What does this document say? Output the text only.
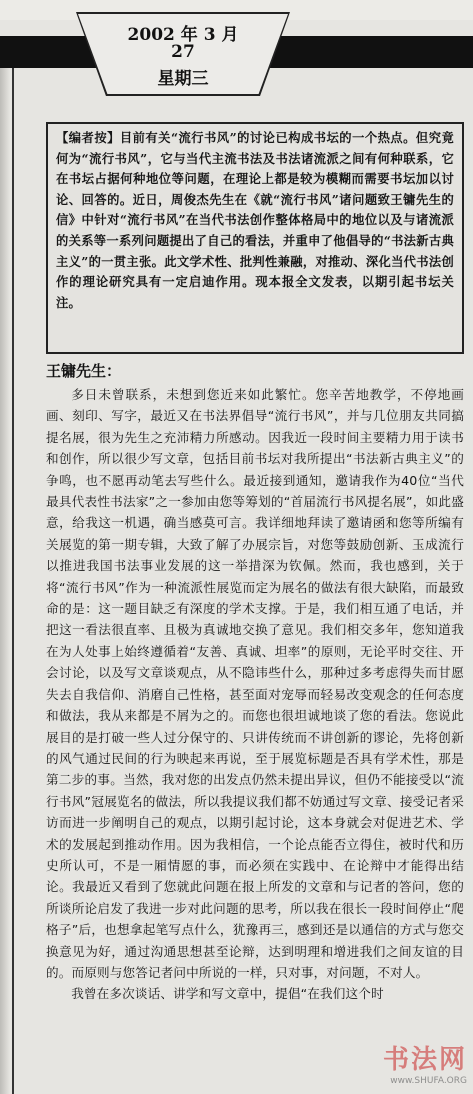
2002 年 3 月
27
星期三
【编者按】目前有关“流行书风”的讨论已构成书坛的一个热点。但究竟何为“流行书风”，它与当代主流书法及书法诸流派之间有何种联系，它在书坛占据何种地位等问题，在理论上都是较为模糊而需要书坛加以讨论、回答的。近日，周俊杰先生在《就“流行书风”诸问题致王镛先生的信》中针对“流行书风”在当代书法创作整体格局中的地位以及与诸流派的关系等一系列问题提出了自己的看法，并重申了他倡导的“书法新古典主义”的一贯主张。此文学术性、批判性兼融，对推动、深化当代书法创作的理论研究具有一定启迪作用。现本报全文发表，以期引起书坛关注。
王镛先生：

多日未曾联系，未想到您近来如此繁忙。您辛苦地教学，不停地画画、刻印、写字，最近又在书法界倡导“流行书风”，并与几位朋友共同搞提名展，很为先生之充沛精力所感动。因我近一段时间主要精力用于读书和创作，所以很少写文章，包括目前书坛对我所提出“书法新古典主义”的争鸣，也不愿再动笔去写些什么。最近接到通知，邀请我作为40位“当代最具代表性书法家”之一参加由您等筹划的“首届流行书风提名展”，如此盛意，给我这一机遇，确当感莫可言。我详细地拜读了邀请函和您等所编有关展览的第一期专辑，大致了解了办展宗旨，对您等鼓励创新、玉成流行以推进我国书法事业发展的这一举措深为钦佩。然而，我也感到，关于将“流行书风”作为一种流派性展览而定为展名的做法有很大缺陷，而最致命的是：这一题目缺乏有深度的学术支撑。于是，我们相互通了电话，并把这一看法很直率、且极为真诚地交换了意见。我们相交多年，您知道我在为人处事上始终遵循着“友善、真诚、坦率”的原则，无论平时交往、开会讨论，以及写文章谈观点，从不隐讳些什么，那种过多考虑得失而甘愿失去自我信仰、消磨自己性格，甚至面对宠辱而轻易改变观念的任何态度和做法，我从来都是不屑为之的。而您也很坦诚地谈了您的看法。您说此展目的是打破一些人过分保守的、只讲传统而不讲创新的谬论，先将创新的风气通过民间的行为映起来再说，至于展览标题是否具有学术性，那是第二步的事。当然，我对您的出发点仍然未提出异议，但仍不能接受以“流行书风”冠展览名的做法，所以我提议我们都不妨通过写文章、接受记者采访而进一步阐明自己的观点，以期引起讨论，这本身就会对促进艺术、学术的发展起到推动作用。因为我相信，一个论点能否立得住，被时代和历史所认可，不是一厢情愿的事，而必须在实践中、在论辩中才能得出结论。我最近又看到了您就此问题在报上所发的文章和与记者的答问，您的所谈所论启发了我进一步对此问题的思考，所以我在很长一段时间停止“爬格子”后，也想拿起笔写点什么，犹豫再三，感到还是以通信的方式与您交换意见为好，通过沟通思想甚至论辩，达到明理和增进我们之间友谊的目的。而原则与您答记者问中所说的一样，只对事，对问题，不对人。

我曾在多次谈话、讲学和写文章中，提倡“在我们这个时

书法网
www.SHUFA.ORG
